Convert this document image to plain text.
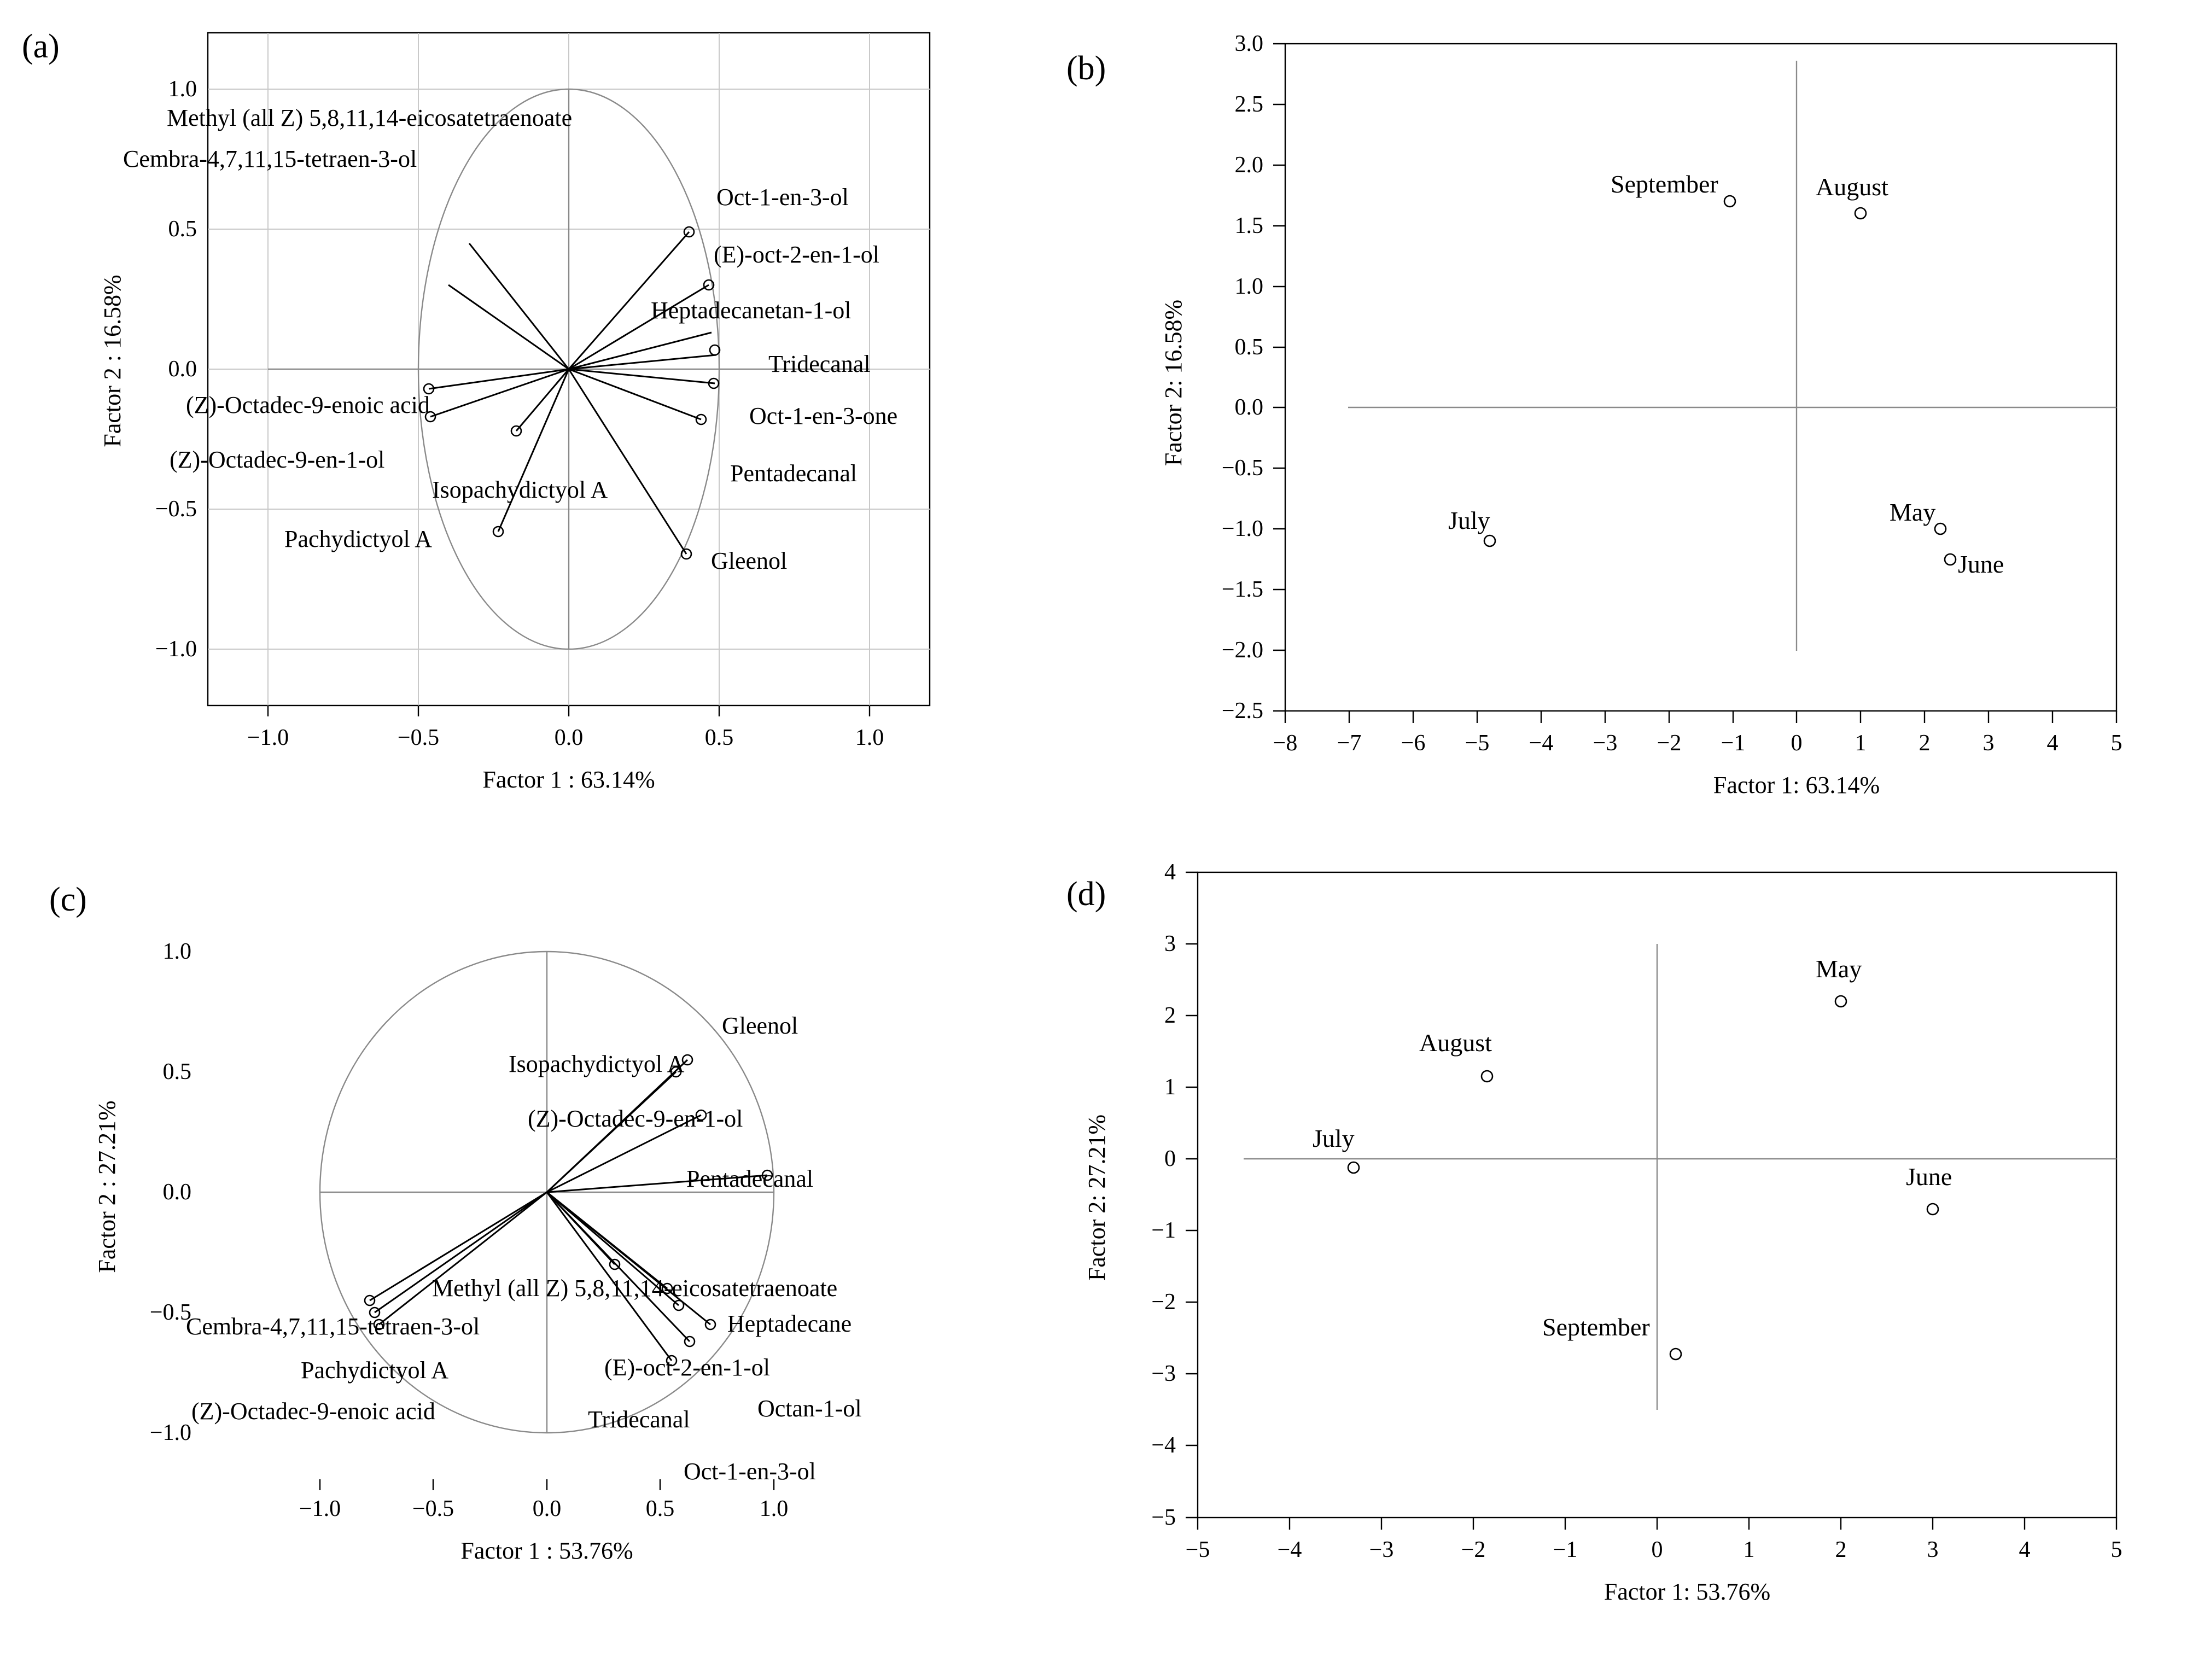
(a)
1.0
0.5
0.0
−0.5
−1.0
−1.0	−0.5	0.0	0.5	1.0
Factor 1 : 63.14%
Factor 2 : 16.58%
Methyl (all Z) 5,8,11,14-eicosatetraenoate
Cembra-4,7,11,15-tetraen-3-ol
Oct-1-en-3-ol
(E)-oct-2-en-1-ol
Heptadecanetan-1-ol
Tridecanal
Oct-1-en-3-one
Pentadecanal
Gleenol
(Z)-Octadec-9-enoic acid
(Z)-Octadec-9-en-1-ol
Isopachydictyol A
Pachydictyol A
(b)
3.0
2.5
2.0
1.5
1.0
0.5
0.0
−0.5
−1.0
−1.5
−2.0
−2.5
−8 −7 −6 −5 −4 −3 −2 −1 0 1 2 3 4 5
Factor 1: 63.14%
Factor 2: 16.58%
September	August
July	May
June
(c)
1.0
0.5
0.0
−0.5
−1.0
−1.0	−0.5	0.0	0.5	1.0
Factor 1 : 53.76%
Factor 2 : 27.21%
Gleenol
Isopachydictyol A
(Z)-Octadec-9-en-1-ol
Pentadecanal
Methyl (all Z) 5,8,11,14-eicosatetraenoate
Heptadecane
(E)-oct-2-en-1-ol
Octan-1-ol
Tridecanal
Oct-1-en-3-ol
Cembra-4,7,11,15-tetraen-3-ol
Pachydictyol A
(Z)-Octadec-9-enoic acid
(d)
4
3
2
1
0
−1
−2
−3
−4
−5
−5	−4	−3	−2	−1	0	1	2	3	4	5
Factor 1: 53.76%
Factor 2: 27.21%
May
August
July
June
September
